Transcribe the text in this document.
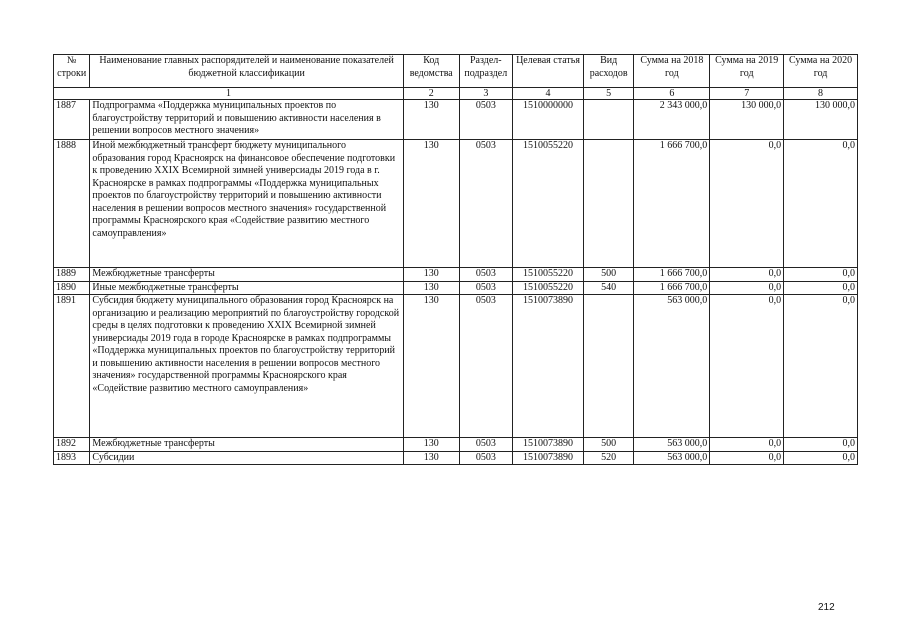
№ строки	Наименование главных распорядителей и наименование показателей бюджетной классификации	Код ведомства	Раздел-подраздел	Целевая статья	Вид расходов	Сумма на 2018 год	Сумма на 2019 год	Сумма на 2020 год
1		2	3	4	5	6	7	8
1887	Подпрограмма «Поддержка муниципальных проектов по благоустройству территорий и повышению активности населения в решении вопросов местного значения»	130	0503	1510000000		2 343 000,0	130 000,0	130 000,0
1888	Иной межбюджетный трансферт бюджету муниципального образования город Красноярск на финансовое обеспечение подготовки к проведению XXIX Всемирной зимней универсиады 2019 года в г. Красноярске в рамках подпрограммы «Поддержка муниципальных проектов по благоустройству территорий и повышению активности населения в решении вопросов местного значения» государственной программы Красноярского края «Содействие развитию местного самоуправления»	130	0503	1510055220		1 666 700,0	0,0	0,0
1889	Межбюджетные трансферты	130	0503	1510055220	500	1 666 700,0	0,0	0,0
1890	Иные межбюджетные трансферты	130	0503	1510055220	540	1 666 700,0	0,0	0,0
1891	Субсидия бюджету муниципального образования город Красноярск на организацию и реализацию мероприятий по благоустройству городской среды в целях подготовки к проведению XXIX Всемирной зимней универсиады 2019 года в городе Красноярске в рамках подпрограммы «Поддержка муниципальных проектов по благоустройству территорий и повышению активности населения в решении вопросов местного значения» государственной программы Красноярского края «Содействие развитию местного самоуправления»	130	0503	1510073890		563 000,0	0,0	0,0
1892	Межбюджетные трансферты	130	0503	1510073890	500	563 000,0	0,0	0,0
1893	Субсидии	130	0503	1510073890	520	563 000,0	0,0	0,0
212
